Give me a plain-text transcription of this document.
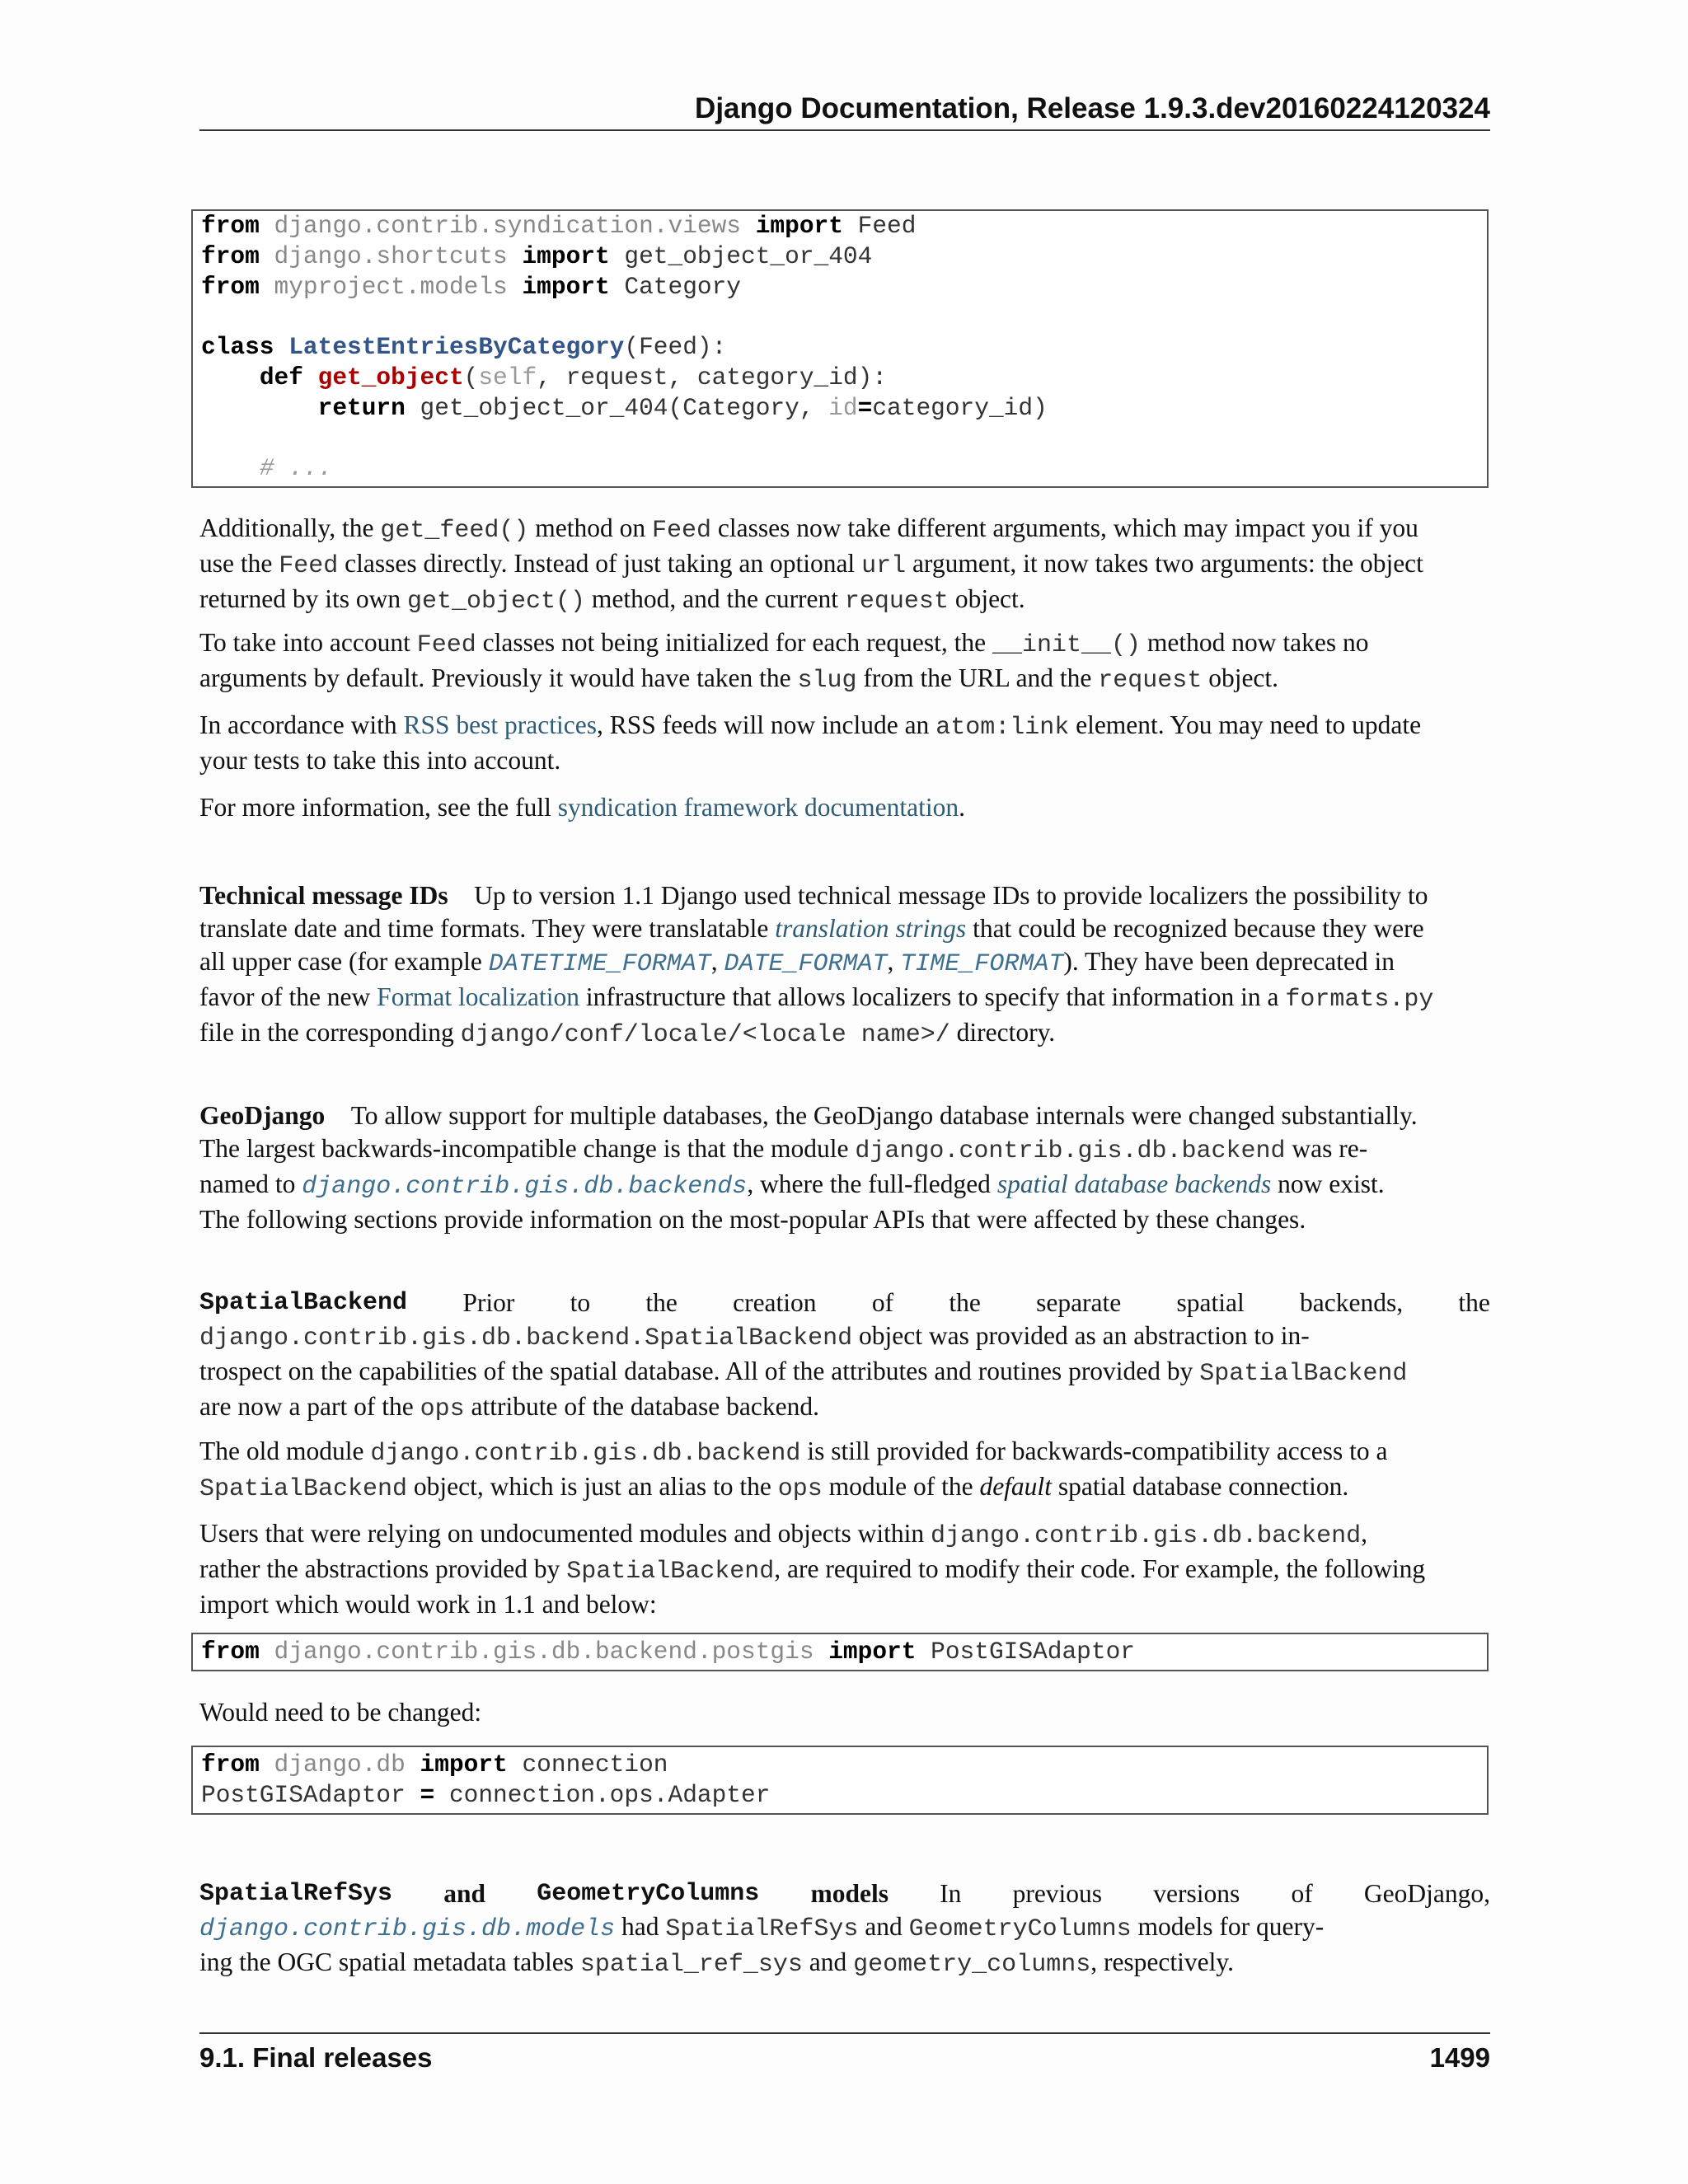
Django Documentation, Release 1.9.3.dev20160224120324
from django.contrib.syndication.views import Feed
from django.shortcuts import get_object_or_404
from myproject.models import Category

class LatestEntriesByCategory(Feed):
def get_object(self, request, category_id):
return get_object_or_404(Category, id=category_id)

# ...
Additionally, the get_feed() method on Feed classes now take different arguments, which may impact you if you
use the Feed classes directly. Instead of just taking an optional url argument, it now takes two arguments: the object
returned by its own get_object() method, and the current request object.
To take into account Feed classes not being initialized for each request, the __init__() method now takes no
arguments by default. Previously it would have taken the slug from the URL and the request object.
In accordance with RSS best practices, RSS feeds will now include an atom:link element. You may need to update
your tests to take this into account.
For more information, see the full syndication framework documentation.
Technical message IDs Up to version 1.1 Django used technical message IDs to provide localizers the possibility to
translate date and time formats. They were translatable translation strings that could be recognized because they were
all upper case (for example DATETIME_FORMAT, DATE_FORMAT, TIME_FORMAT). They have been deprecated in
favor of the new Format localization infrastructure that allows localizers to specify that information in a formats.py
file in the corresponding django/conf/locale/<locale name>/ directory.
GeoDjango To allow support for multiple databases, the GeoDjango database internals were changed substantially.
The largest backwards-incompatible change is that the module django.contrib.gis.db.backend was re-
named to django.contrib.gis.db.backends, where the full-fledged spatial database backends now exist.
The following sections provide information on the most-popular APIs that were affected by these changes.
SpatialBackend Prior to the creation of the separate spatial backends, the
django.contrib.gis.db.backend.SpatialBackend object was provided as an abstraction to in-
trospect on the capabilities of the spatial database. All of the attributes and routines provided by SpatialBackend
are now a part of the ops attribute of the database backend.
The old module django.contrib.gis.db.backend is still provided for backwards-compatibility access to a
SpatialBackend object, which is just an alias to the ops module of the default spatial database connection.
Users that were relying on undocumented modules and objects within django.contrib.gis.db.backend,
rather the abstractions provided by SpatialBackend, are required to modify their code. For example, the following
import which would work in 1.1 and below:
from django.contrib.gis.db.backend.postgis import PostGISAdaptor
Would need to be changed:
from django.db import connection
PostGISAdaptor = connection.ops.Adapter
SpatialRefSys and GeometryColumns models In previous versions of GeoDjango,
django.contrib.gis.db.models had SpatialRefSys and GeometryColumns models for query-
ing the OGC spatial metadata tables spatial_ref_sys and geometry_columns, respectively.
9.1. Final releases	1499
